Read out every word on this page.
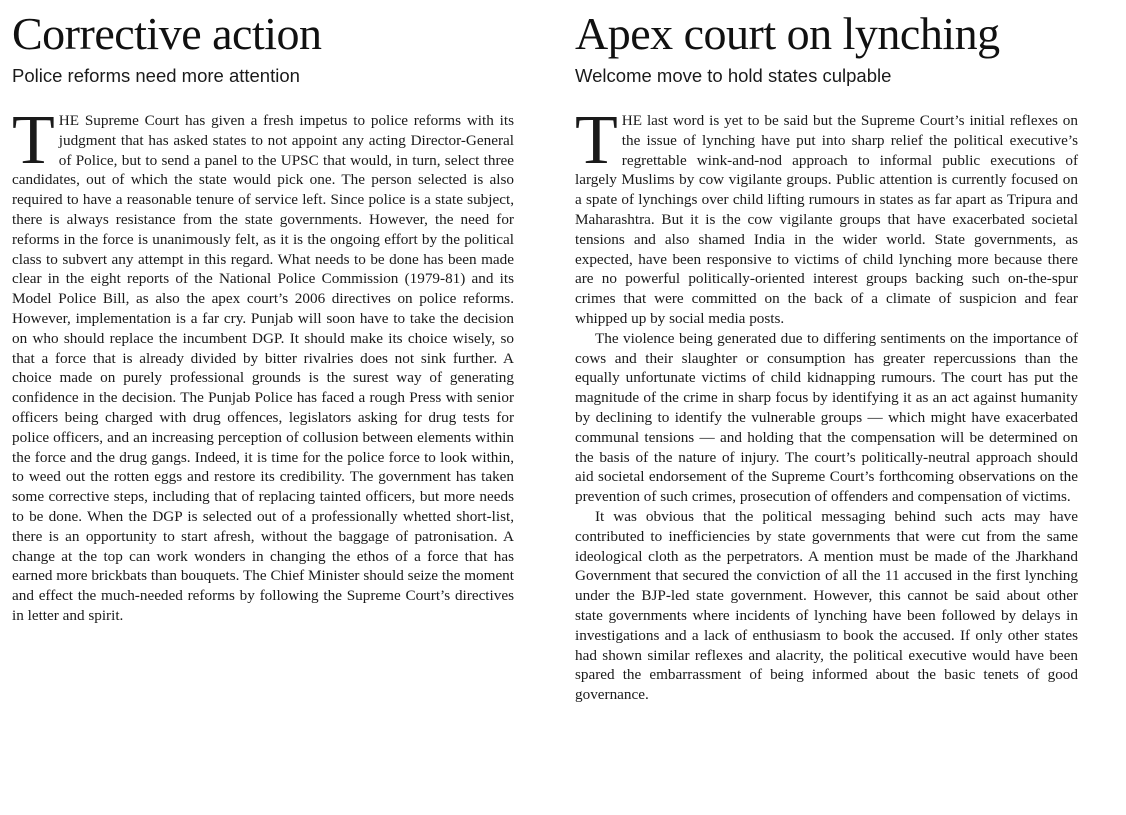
Corrective action
Police reforms need more attention

THE Supreme Court has given a fresh impetus to police reforms with its judgment that has asked states to not appoint any acting Director-General of Police, but to send a panel to the UPSC that would, in turn, select three candidates, out of which the state would pick one. The person selected is also required to have a reasonable tenure of service left. Since police is a state subject, there is always resistance from the state governments. However, the need for reforms in the force is unanimously felt, as it is the ongoing effort by the political class to subvert any attempt in this regard. What needs to be done has been made clear in the eight reports of the National Police Commission (1979-81) and its Model Police Bill, as also the apex court’s 2006 directives on police reforms. However, implementation is a far cry. Punjab will soon have to take the decision on who should replace the incumbent DGP. It should make its choice wisely, so that a force that is already divided by bitter rivalries does not sink further. A choice made on purely professional grounds is the surest way of generating confidence in the decision. The Punjab Police has faced a rough Press with senior officers being charged with drug offences, legislators asking for drug tests for police officers, and an increasing perception of collusion between elements within the force and the drug gangs. Indeed, it is time for the police force to look within, to weed out the rotten eggs and restore its credibility. The government has taken some corrective steps, including that of replacing tainted officers, but more needs to be done. When the DGP is selected out of a professionally whetted short-list, there is an opportunity to start afresh, without the baggage of patronisation. A change at the top can work wonders in changing the ethos of a force that has earned more brickbats than bouquets. The Chief Minister should seize the moment and effect the much-needed reforms by following the Supreme Court’s directives in letter and spirit.

Apex court on lynching
Welcome move to hold states culpable

THE last word is yet to be said but the Supreme Court’s initial reflexes on the issue of lynching have put into sharp relief the political executive’s regrettable wink-and-nod approach to informal public executions of largely Muslims by cow vigilante groups. Public attention is currently focused on a spate of lynchings over child lifting rumours in states as far apart as Tripura and Maharashtra. But it is the cow vigilante groups that have exacerbated societal tensions and also shamed India in the wider world. State governments, as expected, have been responsive to victims of child lynching more because there are no powerful politically-oriented interest groups backing such on-the-spur crimes that were committed on the back of a climate of suspicion and fear whipped up by social media posts.

The violence being generated due to differing sentiments on the importance of cows and their slaughter or consumption has greater repercussions than the equally unfortunate victims of child kidnapping rumours. The court has put the magnitude of the crime in sharp focus by identifying it as an act against humanity by declining to identify the vulnerable groups — which might have exacerbated communal tensions — and holding that the compensation will be determined on the basis of the nature of injury. The court’s politically-neutral approach should aid societal endorsement of the Supreme Court’s forthcoming observations on the prevention of such crimes, prosecution of offenders and compensation of victims.

It was obvious that the political messaging behind such acts may have contributed to inefficiencies by state governments that were cut from the same ideological cloth as the perpetrators. A mention must be made of the Jharkhand Government that secured the conviction of all the 11 accused in the first lynching under the BJP-led state government. However, this cannot be said about other state governments where incidents of lynching have been followed by delays in investigations and a lack of enthusiasm to book the accused. If only other states had shown similar reflexes and alacrity, the political executive would have been spared the embarrassment of being informed about the basic tenets of good governance.
